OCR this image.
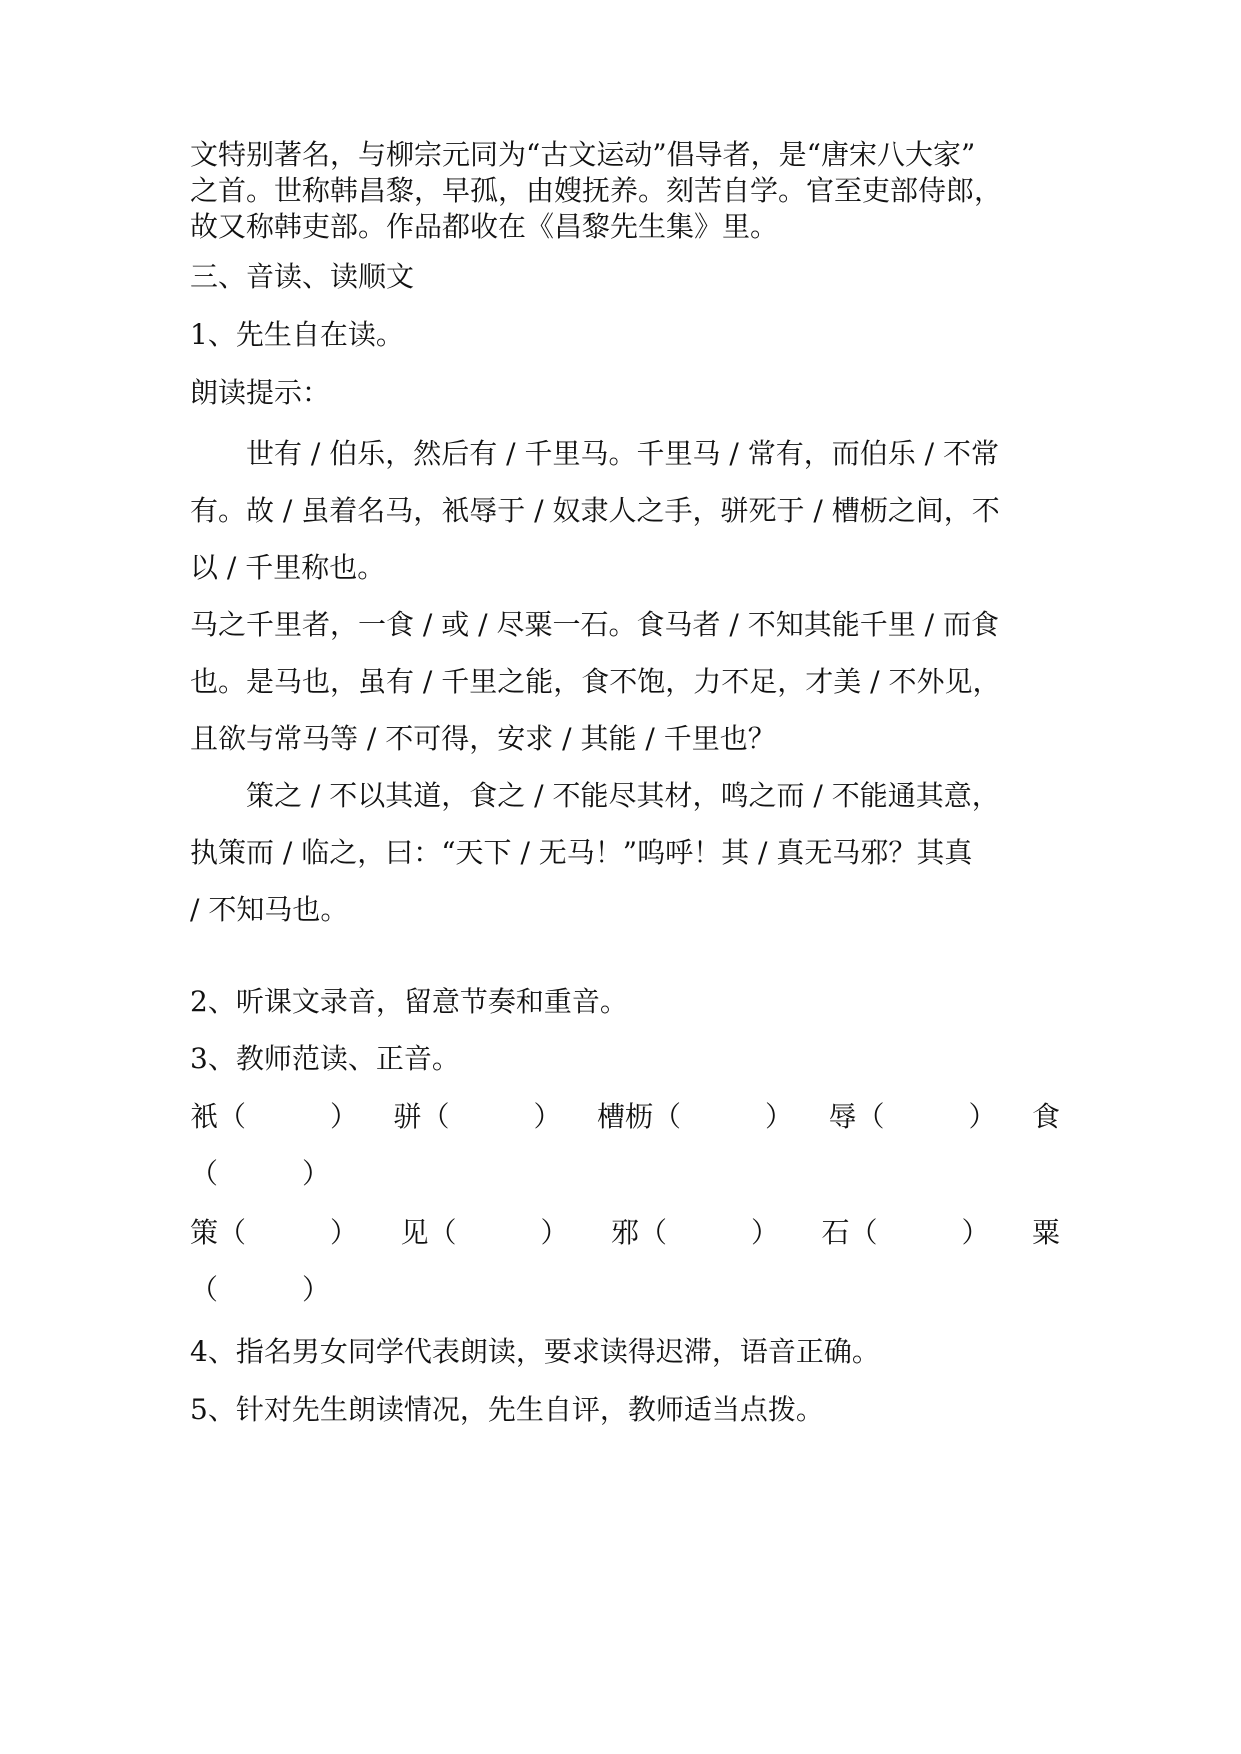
文特别著名，与柳宗元同为“古文运动”倡导者，是“唐宋八大家”
之首。世称韩昌黎，早孤，由嫂抚养。刻苦自学。官至吏部侍郎，
故又称韩吏部。作品都收在《昌黎先生集》里。
三、音读、读顺文
1、先生自在读。
朗读提示：
　　世有 / 伯乐，然后有 / 千里马。千里马 / 常有，而伯乐 / 不常
有。故 / 虽着名马，衹辱于 / 奴隶人之手，骈死于 / 槽枥之间，不
以 / 千里称也。
马之千里者，一食 / 或 / 尽粟一石。食马者 / 不知其能千里 / 而食
也。是马也，虽有 / 千里之能，食不饱，力不足，才美 / 不外见，
且欲与常马等 / 不可得，安求 / 其能 / 千里也？
　　策之 / 不以其道，食之 / 不能尽其材，鸣之而 / 不能通其意，
执策而 / 临之，曰：“天下 / 无马！”呜呼！其 / 真无马邪？其真
/ 不知马也。
2、听课文录音，留意节奏和重音。
3、教师范读、正音。
衹（　　　） 骈（　　　） 槽枥（　　　） 辱（　　　） 食
（　　　）
策（　　　） 见（　　　） 邪（　　　） 石（　　　） 粟
（　　　）
4、指名男女同学代表朗读，要求读得迟滞，语音正确。
5、针对先生朗读情况，先生自评，教师适当点拨。
